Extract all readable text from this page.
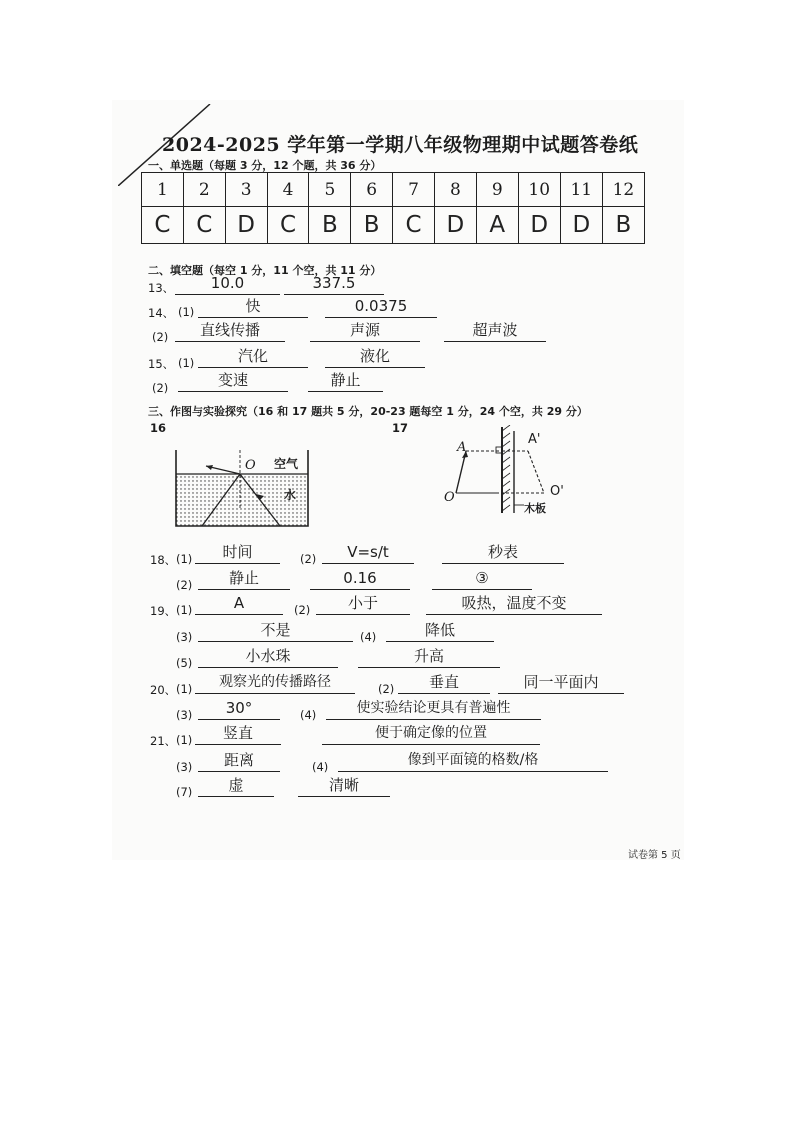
2024-2025 学年第一学期八年级物理期中试题答卷纸
一、单选题（每题 3 分，12 个题，共 36 分）
1	2	3	4	5	6	7	8	9	10	11	12
C	C	D	C	B	B	C	D	A	D	D	B
二、填空题（每空 1 分，11 个空，共 11 分）
13、	10.0	337.5
14、 (1)	快	0.0375
(2)	直线传播	声源	超声波
15、 (1)	汽化	液化
(2)	变速	静止
三、作图与实验探究（16 和 17 题共 5 分，20-23 题每空 1 分，24 个空，共 29 分）
16
O 空气
水
17
A
A'
O	O'
木板
18、 (1)	时间	(2)	V=s/t	秒表
(2)	静止	0.16	③
19、 (1)	A	(2)	小于	吸热，温度不变
(3)	不是	(4)	降低
(5)	小水珠	升高
20、 (1)	观察光的传播路径	(2)	垂直	同一平面内
(3)	30°	(4)	使实验结论更具有普遍性
21、 (1)	竖直	便于确定像的位置
(3)	距离	(4)	像到平面镜的格数/格
(7)	虚	清晰
试卷第 5 页
